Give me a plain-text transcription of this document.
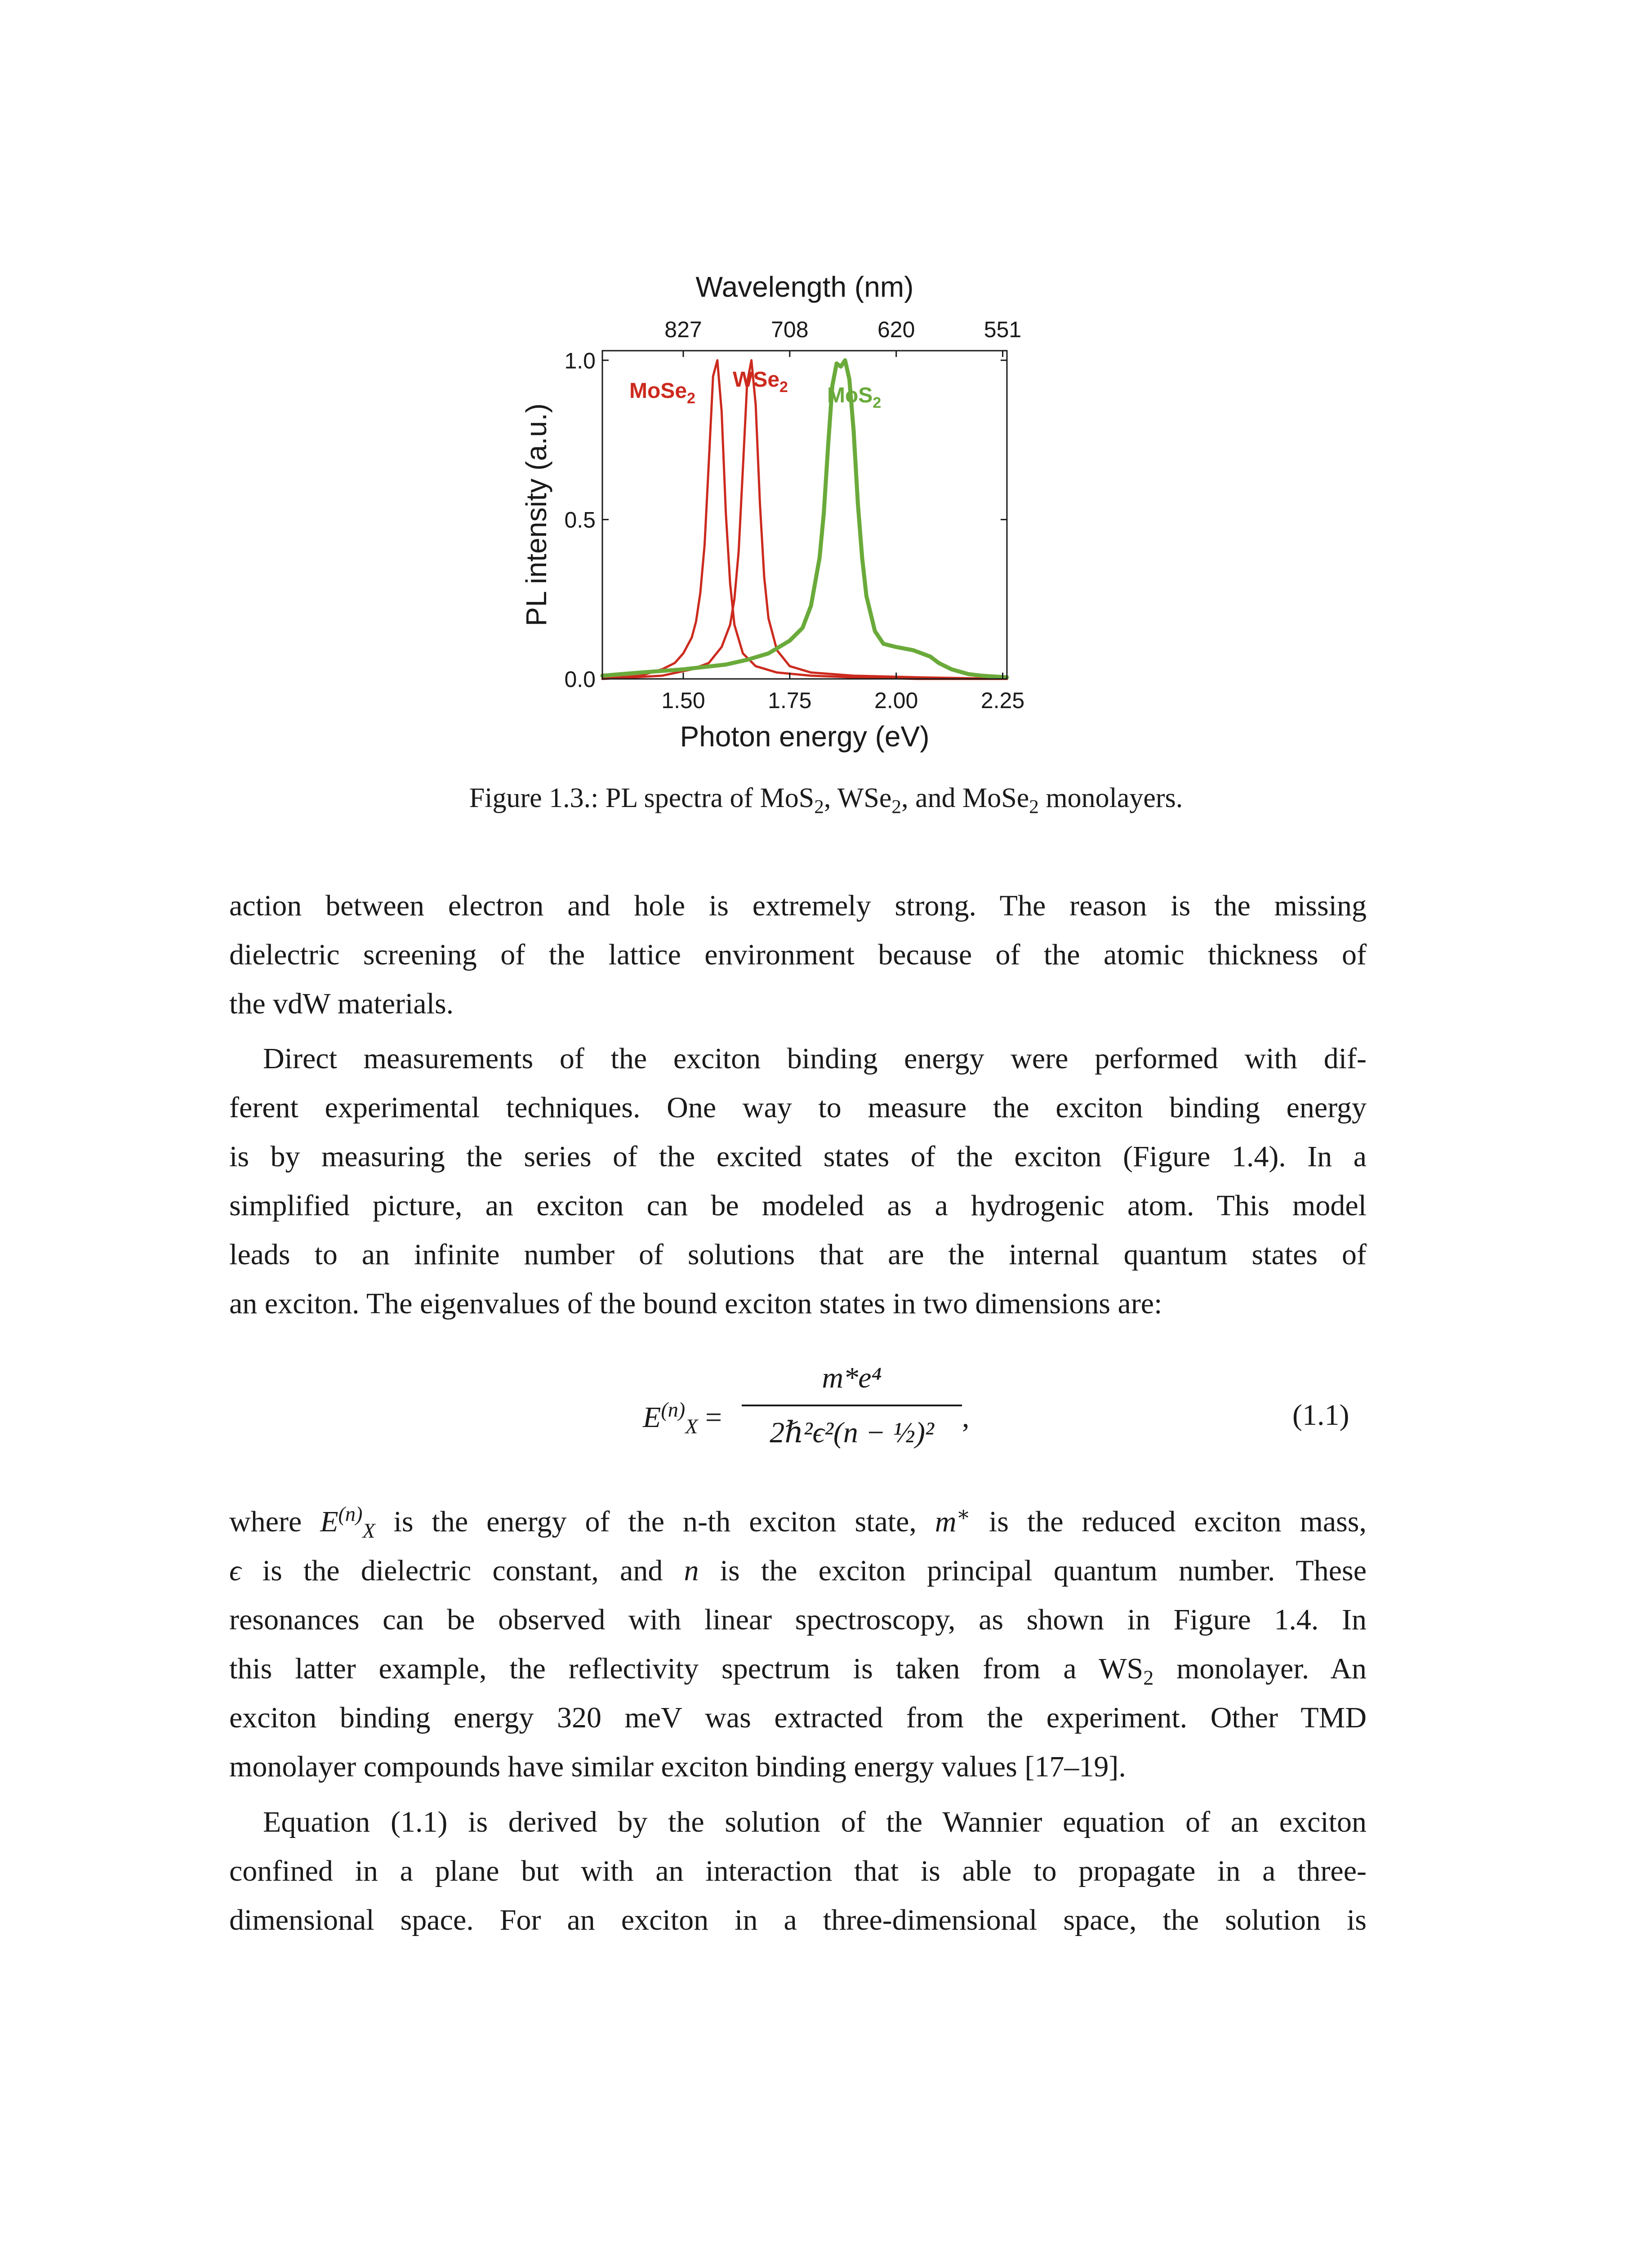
1.50	1.75	2.00	2.25
827	708	620	551
0.0
0.5
1.0
Photon energy (eV)
Wavelength (nm)
PL intensity (a.u.)
MoSe$_2$
WSe$_2$ MoS$_2$
Figure 1.3.: PL spectra of MoS$_2$, WSe$_2$, and MoSe$_2$ monolayers.

action between electron and hole is extremely strong. The reason is the missing

dielectric screening of the lattice environment because of the atomic thickness of

the vdW materials.

Direct measurements of the exciton binding energy were performed with dif-

ferent experimental techniques. One way to measure the exciton binding energy

is by measuring the series of the excited states of the exciton (Figure 1.4). In a

simplified picture, an exciton can be modeled as a hydrogenic atom. This model

leads to an infinite number of solutions that are the internal quantum states of

an exciton. The eigenvalues of the bound exciton states in two dimensions are:

$E^{(n)}_X$ =
m*e⁴
2ℏ²ϵ²(n − ½)² ,	(1.1)

where $E^{(n)}_X$ is the energy of the n-th exciton state, m∗ is the reduced exciton mass,

ϵ is the dielectric constant, and n is the exciton principal quantum number. These

resonances can be observed with linear spectroscopy, as shown in Figure 1.4. In

this latter example, the reflectivity spectrum is taken from a $WS_2$ monolayer. An

exciton binding energy 320 meV was extracted from the experiment. Other TMD

monolayer compounds have similar exciton binding energy values [17–19].

Equation (1.1) is derived by the solution of the Wannier equation of an exciton

confined in a plane but with an interaction that is able to propagate in a three-

dimensional space. For an exciton in a three-dimensional space, the solution is
